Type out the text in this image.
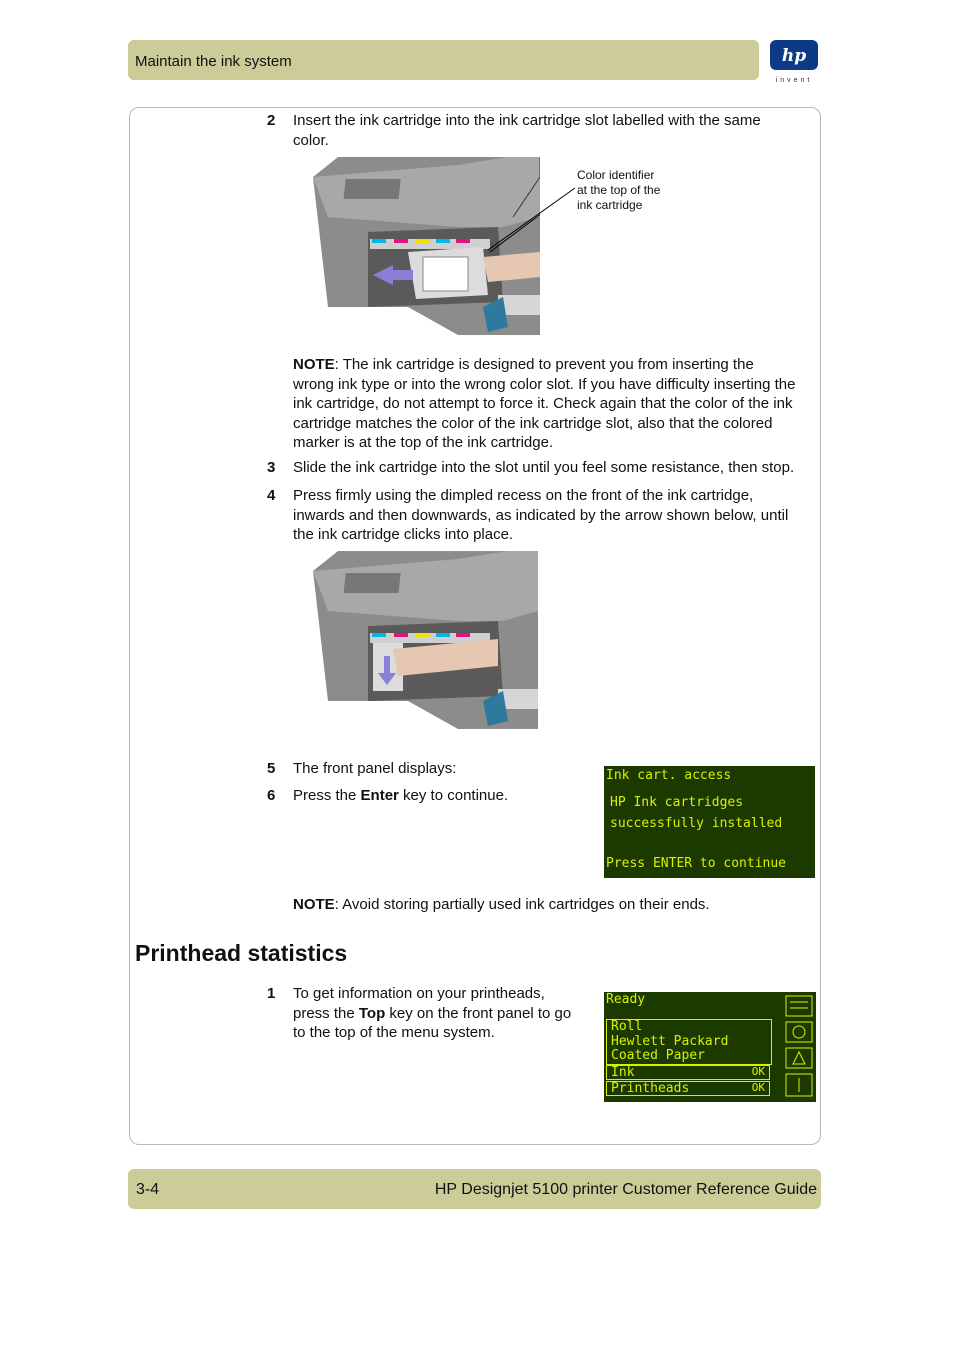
Maintain the ink system	hp
invent
2	Insert the ink cartridge into the ink cartridge slot labelled with the same
color.
Color identifier
at the top of the
ink cartridge
NOTE: The ink cartridge is designed to prevent you from inserting the
wrong ink type or into the wrong color slot. If you have difficulty inserting the
ink cartridge, do not attempt to force it. Check again that the color of the ink
cartridge matches the color of the ink cartridge slot, also that the colored
marker is at the top of the ink cartridge.
3	Slide the ink cartridge into the slot until you feel some resistance, then stop.
4	Press firmly using the dimpled recess on the front of the ink cartridge,
inwards and then downwards, as indicated by the arrow shown below, until
the ink cartridge clicks into place.
5	The front panel displays:
6	Press the Enter key to continue.
Ink cart. access
HP Ink cartridges
successfully installed
Press ENTER to continue
NOTE: Avoid storing partially used ink cartridges on their ends.
Printhead statistics
1	To get information on your printheads,
press the Top key on the front panel to go
to the top of the menu system.
Ready
Roll
Hewlett Packard
Coated Paper
Ink	OK
Printheads	OK
3-4	HP Designjet 5100 printer Customer Reference Guide
